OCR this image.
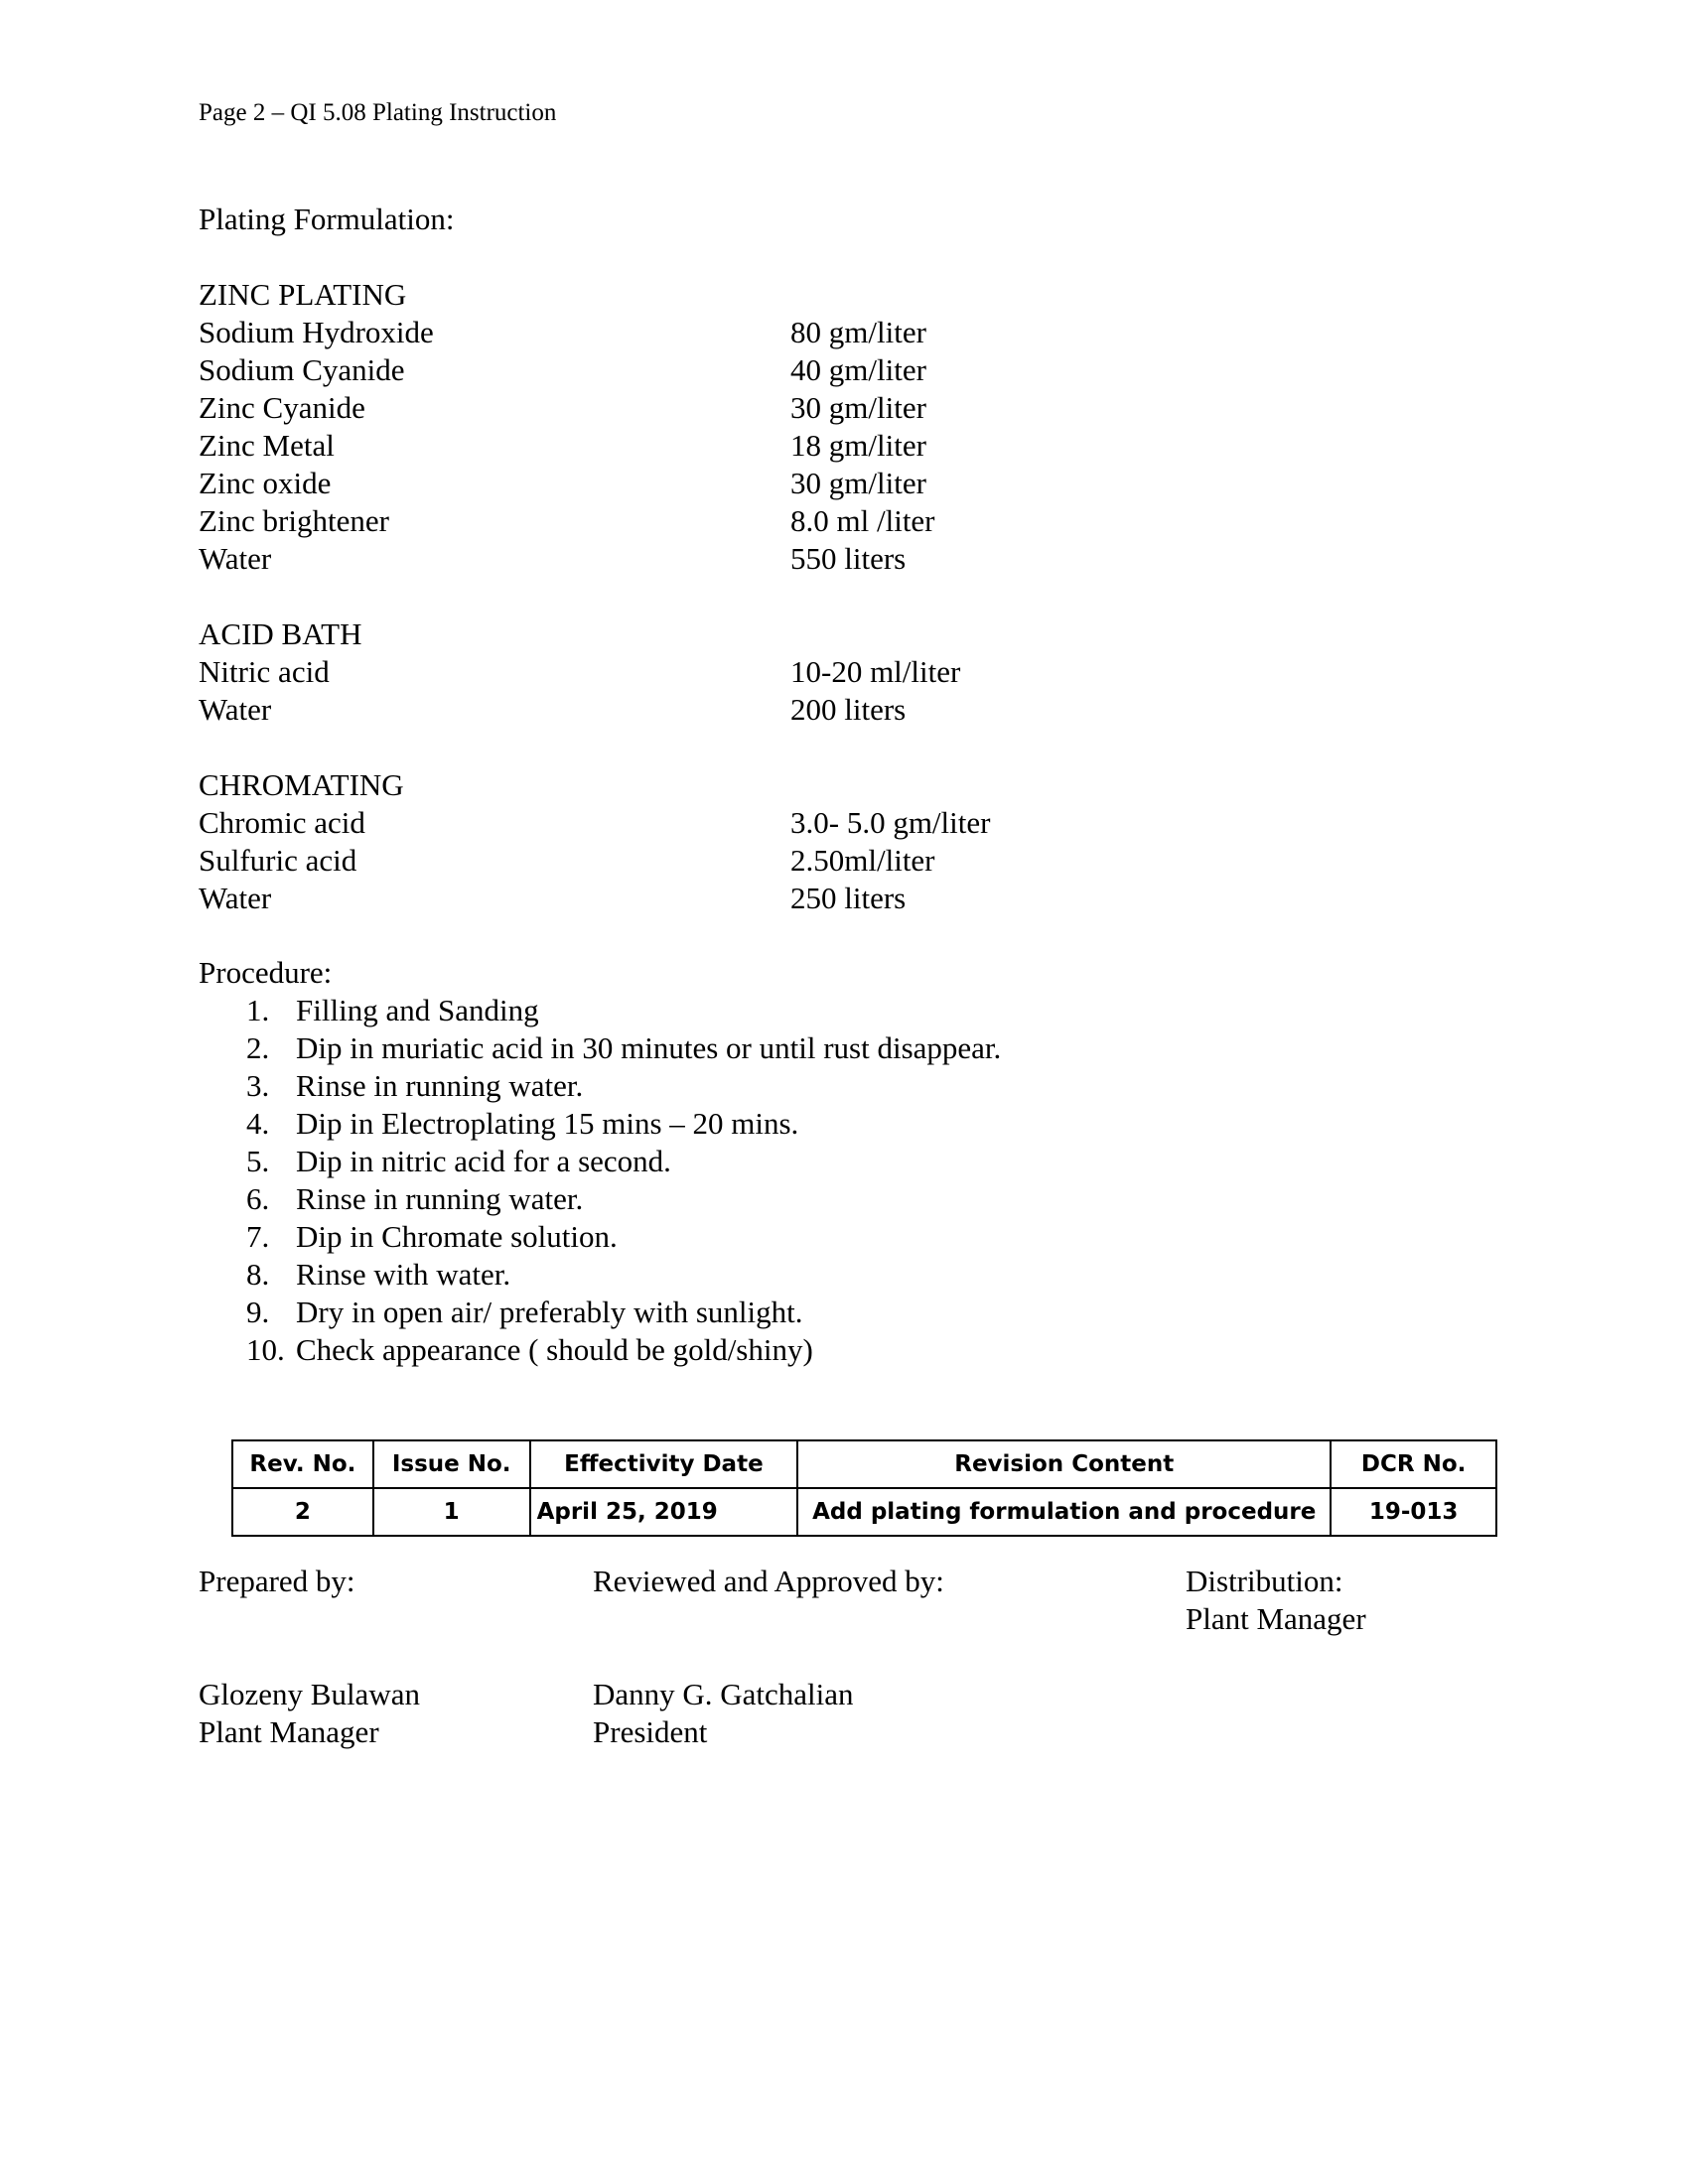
Page 2 – QI 5.08 Plating Instruction
Plating Formulation:
ZINC PLATING
Sodium Hydroxide	80 gm/liter
Sodium Cyanide	40 gm/liter
Zinc Cyanide	30 gm/liter
Zinc Metal	18 gm/liter
Zinc oxide	30 gm/liter
Zinc brightener	8.0 ml /liter
Water	550 liters
ACID BATH
Nitric acid	10-20 ml/liter
Water	200 liters
CHROMATING
Chromic acid	3.0- 5.0 gm/liter
Sulfuric acid	2.50ml/liter
Water	250 liters
Procedure:
1. Filling and Sanding
2. Dip in muriatic acid in 30 minutes or until rust disappear.
3. Rinse in running water.
4. Dip in Electroplating 15 mins – 20 mins.
5. Dip in nitric acid for a second.
6. Rinse in running water.
7. Dip in Chromate solution.
8. Rinse with water.
9. Dry in open air/ preferably with sunlight.
10. Check appearance ( should be gold/shiny)
Rev. No.	Issue No.	Effectivity Date	Revision Content	DCR No.
2	1	April 25, 2019	Add plating formulation and procedure	19-013
Prepared by:	Reviewed and Approved by:	Distribution:
Plant Manager
Glozeny Bulawan
Plant Manager
Danny G. Gatchalian
President
